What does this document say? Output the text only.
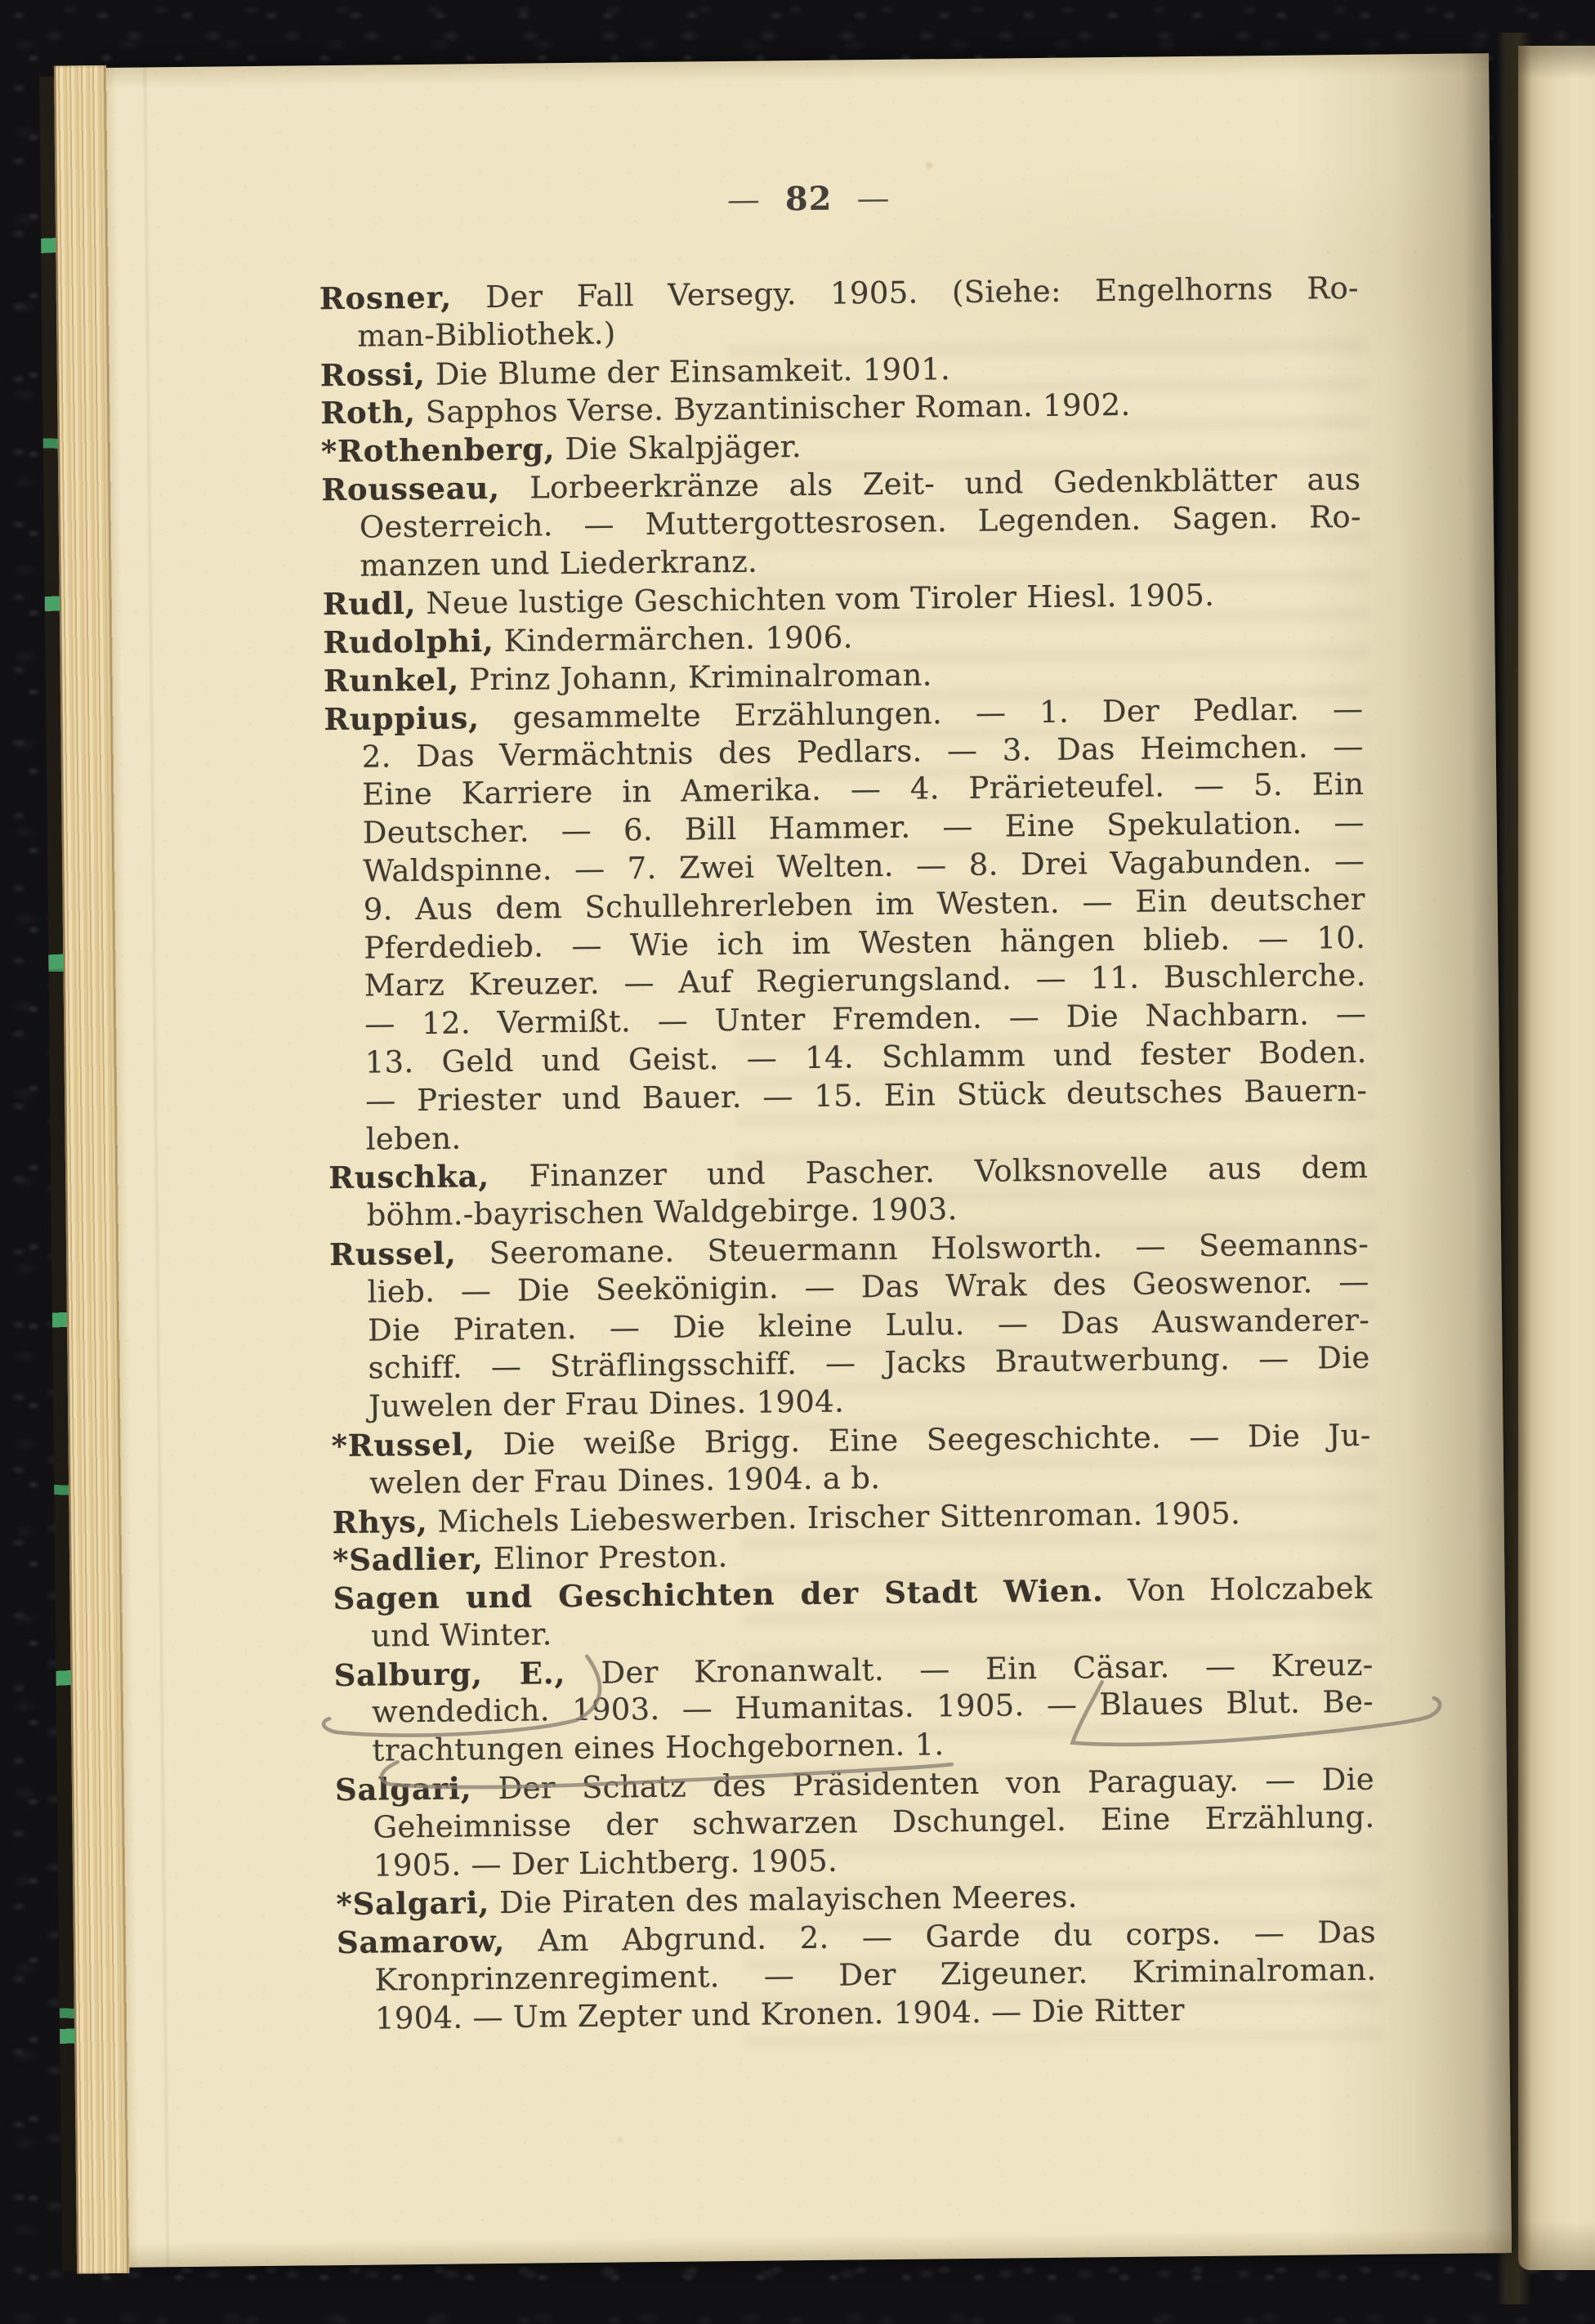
— 82 —
Rosner, Der Fall Versegy. 1905. (Siehe: Engelhorns Ro-
man-Bibliothek.)
Rossi, Die Blume der Einsamkeit. 1901.
Roth, Sapphos Verse. Byzantinischer Roman. 1902.
*Rothenberg, Die Skalpjäger.
Rousseau, Lorbeerkränze als Zeit- und Gedenkblätter aus
Oesterreich. — Muttergottesrosen. Legenden. Sagen. Ro-
manzen und Liederkranz.
Rudl, Neue lustige Geschichten vom Tiroler Hiesl. 1905.
Rudolphi, Kindermärchen. 1906.
Runkel, Prinz Johann, Kriminalroman.
Ruppius, gesammelte Erzählungen. — 1. Der Pedlar. —
2. Das Vermächtnis des Pedlars. — 3. Das Heimchen. —
Eine Karriere in Amerika. — 4. Prärieteufel. — 5. Ein
Deutscher. — 6. Bill Hammer. — Eine Spekulation. —
Waldspinne. — 7. Zwei Welten. — 8. Drei Vagabunden. —
9. Aus dem Schullehrerleben im Westen. — Ein deutscher
Pferdedieb. — Wie ich im Westen hängen blieb. — 10.
Marz Kreuzer. — Auf Regierungsland. — 11. Buschlerche.
— 12. Vermißt. — Unter Fremden. — Die Nachbarn. —
13. Geld und Geist. — 14. Schlamm und fester Boden.
— Priester und Bauer. — 15. Ein Stück deutsches Bauern-
leben.
Ruschka, Finanzer und Pascher. Volksnovelle aus dem
böhm.-bayrischen Waldgebirge. 1903.
Russel, Seeromane. Steuermann Holsworth. — Seemanns-
lieb. — Die Seekönigin. — Das Wrak des Geoswenor. —
Die Piraten. — Die kleine Lulu. — Das Auswanderer-
schiff. — Sträflingsschiff. — Jacks Brautwerbung. — Die
Juwelen der Frau Dines. 1904.
*Russel, Die weiße Brigg. Eine Seegeschichte. — Die Ju-
welen der Frau Dines. 1904. a b.
Rhys, Michels Liebeswerben. Irischer Sittenroman. 1905.
*Sadlier, Elinor Preston.
Sagen und Geschichten der Stadt Wien. Von Holczabek
und Winter.
Salburg, E., Der Kronanwalt. — Ein Cäsar. — Kreuz-
wendedich. 1903. — Humanitas. 1905. — Blaues Blut. Be-
trachtungen eines Hochgebornen. 1.
Salgari, Der Schatz des Präsidenten von Paraguay. — Die
Geheimnisse der schwarzen Dschungel. Eine Erzählung.
1905. — Der Lichtberg. 1905.
*Salgari, Die Piraten des malayischen Meeres.
Samarow, Am Abgrund. 2. — Garde du corps. — Das
Kronprinzenregiment. — Der Zigeuner. Kriminalroman.
1904. — Um Zepter und Kronen. 1904. — Die Ritter
